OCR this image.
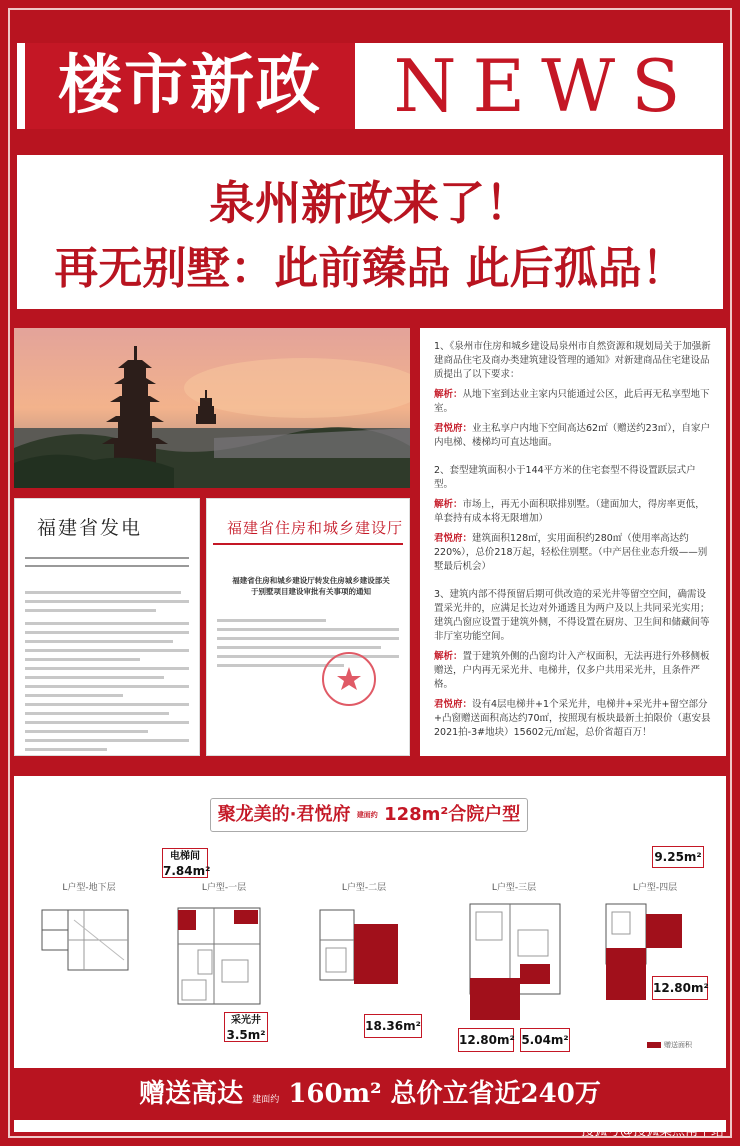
楼市新政 NEWS
泉州新政来了！
再无别墅：此前臻品 此后孤品！
福建省发电	福建省住房和城乡建设厅
福建省住房和城乡建设厅转发住房城乡建设部关于别墅项目建设审批有关事项的通知

1、《泉州市住房和城乡建设局泉州市自然资源和规划局关于加强新建商品住宅及商办类建筑建设管理的通知》对新建商品住宅建设品质提出了以下要求：

解析：从地下室到达业主家内只能通过公区，此后再无私享型地下室。

君悦府：业主私享户内地下空间高达62㎡（赠送约23㎡），自家户内电梯、楼梯均可直达地面。

2、套型建筑面积小于144平方米的住宅套型不得设置跃层式户型。

解析：市场上，再无小面积联排别墅。（建面加大，得房率更低，单套持有成本将无限增加）

君悦府：建筑面积128㎡，实用面积约280㎡（使用率高达约220%），总价218万起，轻松住别墅。（中产居住业态升级——别墅最后机会）

3、建筑内部不得预留后期可供改造的采光井等留空空间，确需设置采光井的，应满足长边对外通透且为两户及以上共同采光实用；建筑凸窗应设置于建筑外侧，不得设置在厨房、卫生间和储藏间等非厅室功能空间。

解析：置于建筑外侧的凸窗均计入产权面积，无法再进行外移侧板赠送，户内再无采光井、电梯井，仅多户共用采光井，且条件严格。

君悦府：设有4层电梯井+1个采光井，电梯井+采光井+留空部分+凸窗赠送面积高达约70㎡，按照现有板块最新土拍限价（惠安县2021拍-3#地块）15602元/㎡起，总价省超百万！

聚龙美的·君悦府 建面约 128m²合院户型
L户型-地下层	L户型-一层
电梯间
7.84m²
采光井
3.5m²
L户型-二层
18.36m²
L户型-三层
12.80m² 5.04m²
L户型-四层
9.25m²
12.80m²
赠送面积
赠送高达 建面约 160m² 总价立省近240万
搜狐号@搜狐集点南平站
